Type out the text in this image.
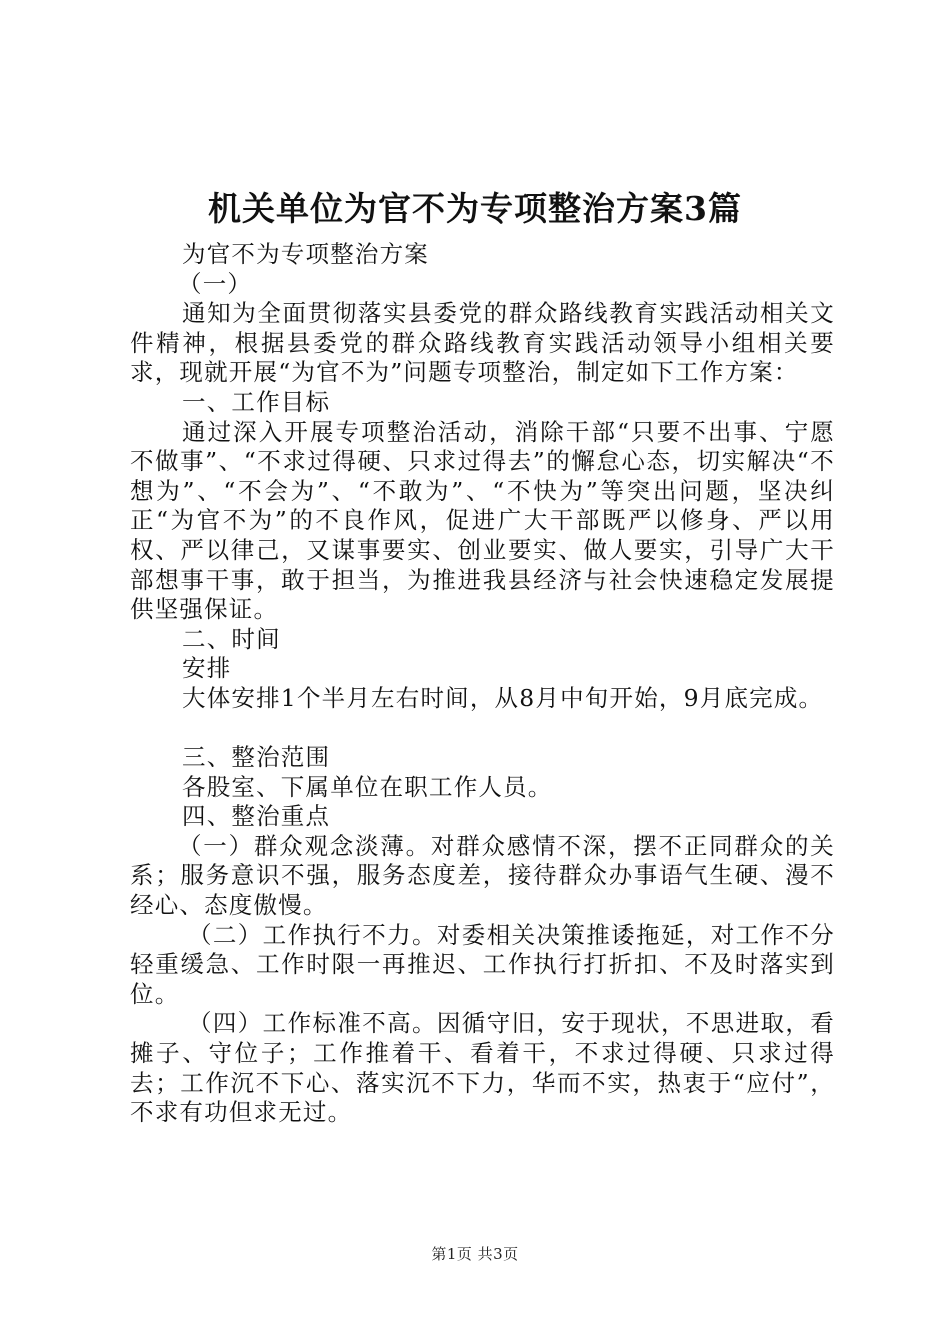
机关单位为官不为专项整治方案3篇

为官不为专项整治方案

（一）

通知为全面贯彻落实县委党的群众路线教育实践活动相关文件精神，根据县委党的群众路线教育实践活动领导小组相关要求，现就开展“为官不为”问题专项整治，制定如下工作方案：

一、工作目标

通过深入开展专项整治活动，消除干部“只要不出事、宁愿不做事”、“不求过得硬、只求过得去”的懈怠心态，切实解决“不想为”、“不会为”、“不敢为”、“不快为”等突出问题，坚决纠正“为官不为”的不良作风，促进广大干部既严以修身、严以用权、严以律己，又谋事要实、创业要实、做人要实，引导广大干部想事干事，敢于担当，为推进我县经济与社会快速稳定发展提供坚强保证。

二、时间

安排

大体安排1个半月左右时间，从8月中旬开始，9月底完成。

三、整治范围

各股室、下属单位在职工作人员。

四、整治重点

（一）群众观念淡薄。对群众感情不深，摆不正同群众的关系；服务意识不强，服务态度差，接待群众办事语气生硬、漫不经心、态度傲慢。

（二）工作执行不力。对委相关决策推诿拖延，对工作不分轻重缓急、工作时限一再推迟、工作执行打折扣、不及时落实到位。

（四）工作标准不高。因循守旧，安于现状，不思进取，看摊子、守位子；工作推着干、看着干，不求过得硬、只求过得去；工作沉不下心、落实沉不下力，华而不实，热衷于“应付”，不求有功但求无过。

第1页 共3页
